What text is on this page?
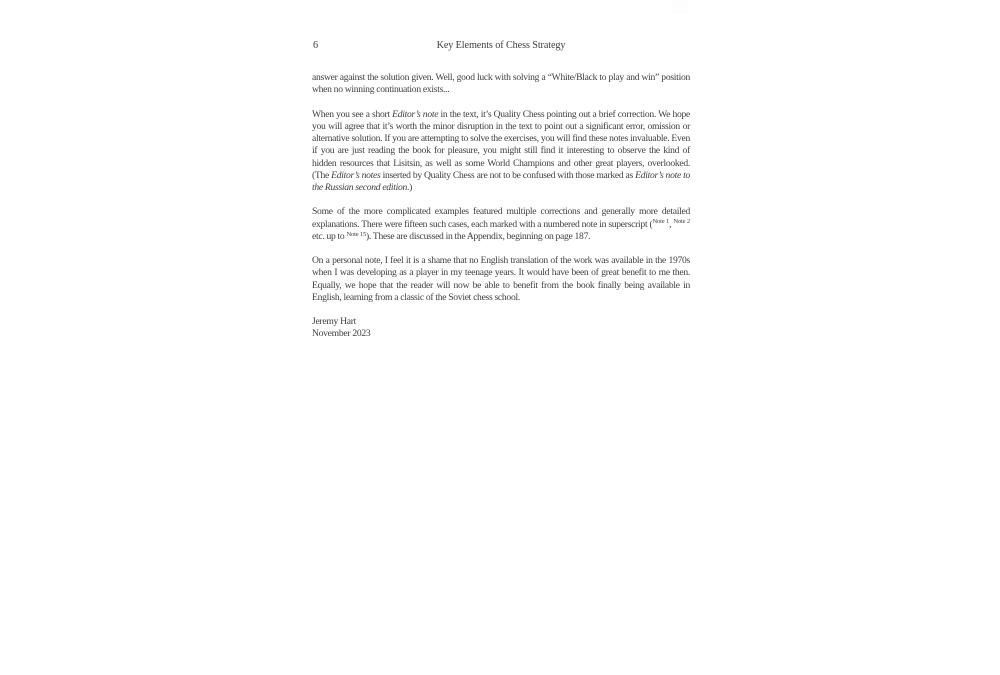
6	Key Elements of Chess Strategy

answer against the solution given. Well, good luck with solving a “White/Black to play and win” position when no winning continuation exists...

When you see a short Editor’s note in the text, it’s Quality Chess pointing out a brief correction. We hope you will agree that it’s worth the minor disruption in the text to point out a significant error, omission or alternative solution. If you are attempting to solve the exercises, you will find these notes invaluable. Even if you are just reading the book for pleasure, you might still find it interesting to observe the kind of hidden resources that Lisitsin, as well as some World Champions and other great players, overlooked. (The Editor’s notes inserted by Quality Chess are not to be confused with those marked as Editor’s note to the Russian second edition.)

Some of the more complicated examples featured multiple corrections and generally more detailed explanations. There were fifteen such cases, each marked with a numbered note in superscript ($^{Note 1}$, $^{Note 2}$ etc. up to $^{Note 15}$). These are discussed in the Appendix, beginning on page 187.

On a personal note, I feel it is a shame that no English translation of the work was available in the 1970s when I was developing as a player in my teenage years. It would have been of great benefit to me then. Equally, we hope that the reader will now be able to benefit from the book finally being available in English, learning from a classic of the Soviet chess school.

Jeremy Hart
November 2023
